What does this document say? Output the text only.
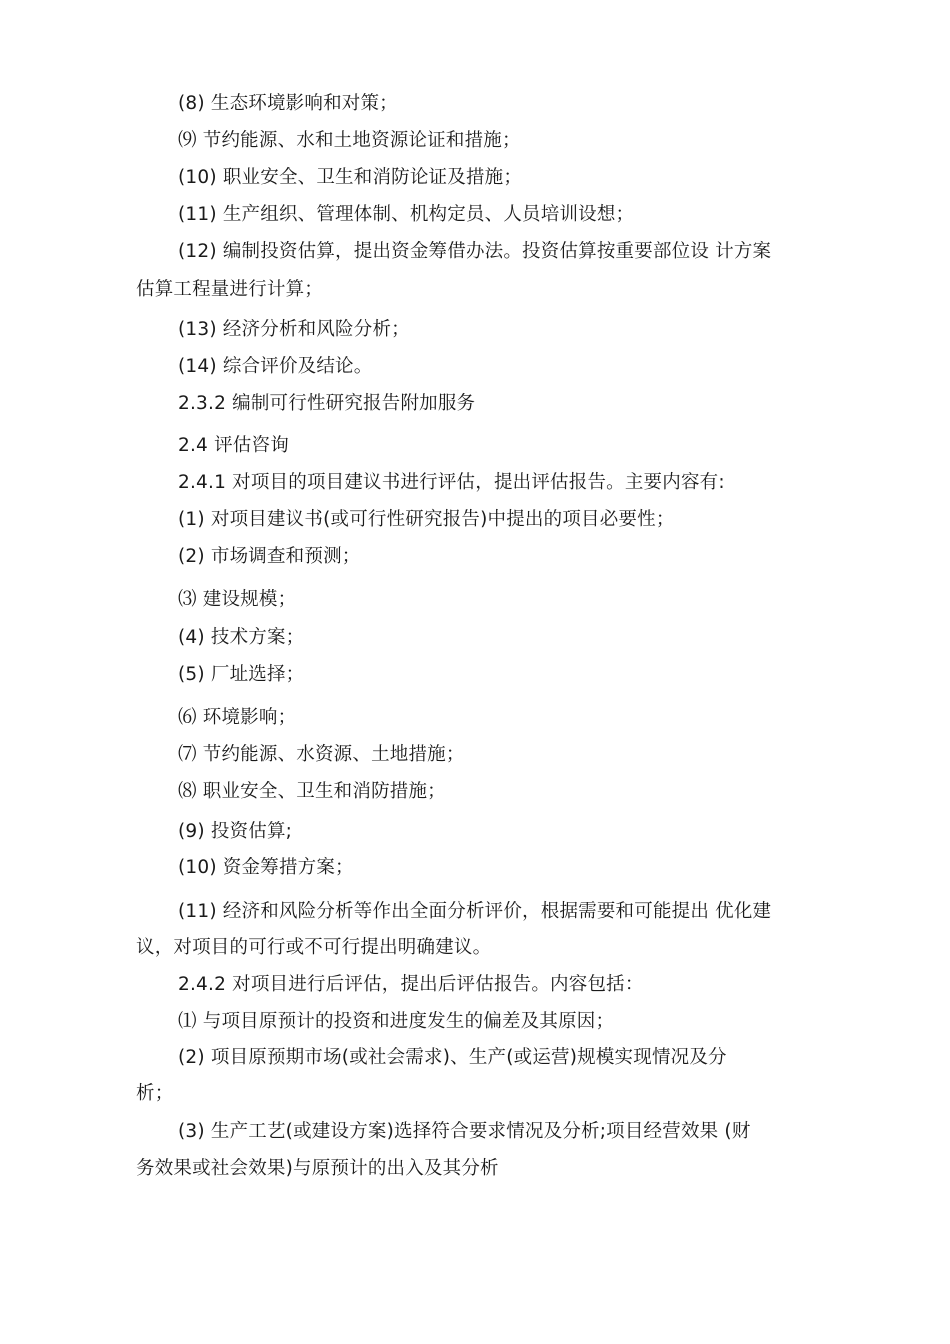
(8) 生态环境影响和对策；
⑼ 节约能源、水和土地资源论证和措施；
(10) 职业安全、卫生和消防论证及措施；
(11) 生产组织、管理体制、机构定员、人员培训设想；
(12) 编制投资估算，提出资金筹借办法。投资估算按重要部位设 计方案
估算工程量进行计算；
(13) 经济分析和风险分析；
(14) 综合评价及结论。
2.3.2 编制可行性研究报告附加服务
2.4 评估咨询
2.4.1 对项目的项目建议书进行评估，提出评估报告。主要内容有:
(1) 对项目建议书(或可行性研究报告)中提出的项目必要性；
(2) 市场调查和预测；
⑶ 建设规模；
(4) 技术方案；
(5) 厂址选择；
⑹ 环境影响；
⑺ 节约能源、水资源、土地措施；
⑻ 职业安全、卫生和消防措施；
(9) 投资估算;
(10) 资金筹措方案；
(11) 经济和风险分析等作出全面分析评价，根据需要和可能提出 优化建
议，对项目的可行或不可行提出明确建议。
2.4.2 对项目进行后评估，提出后评估报告。内容包括：
⑴ 与项目原预计的投资和进度发生的偏差及其原因；
(2) 项目原预期市场(或社会需求)、生产(或运营)规模实现情况及分
析；
(3) 生产工艺(或建设方案)选择符合要求情况及分析;项目经营效果 (财
务效果或社会效果)与原预计的出入及其分析
